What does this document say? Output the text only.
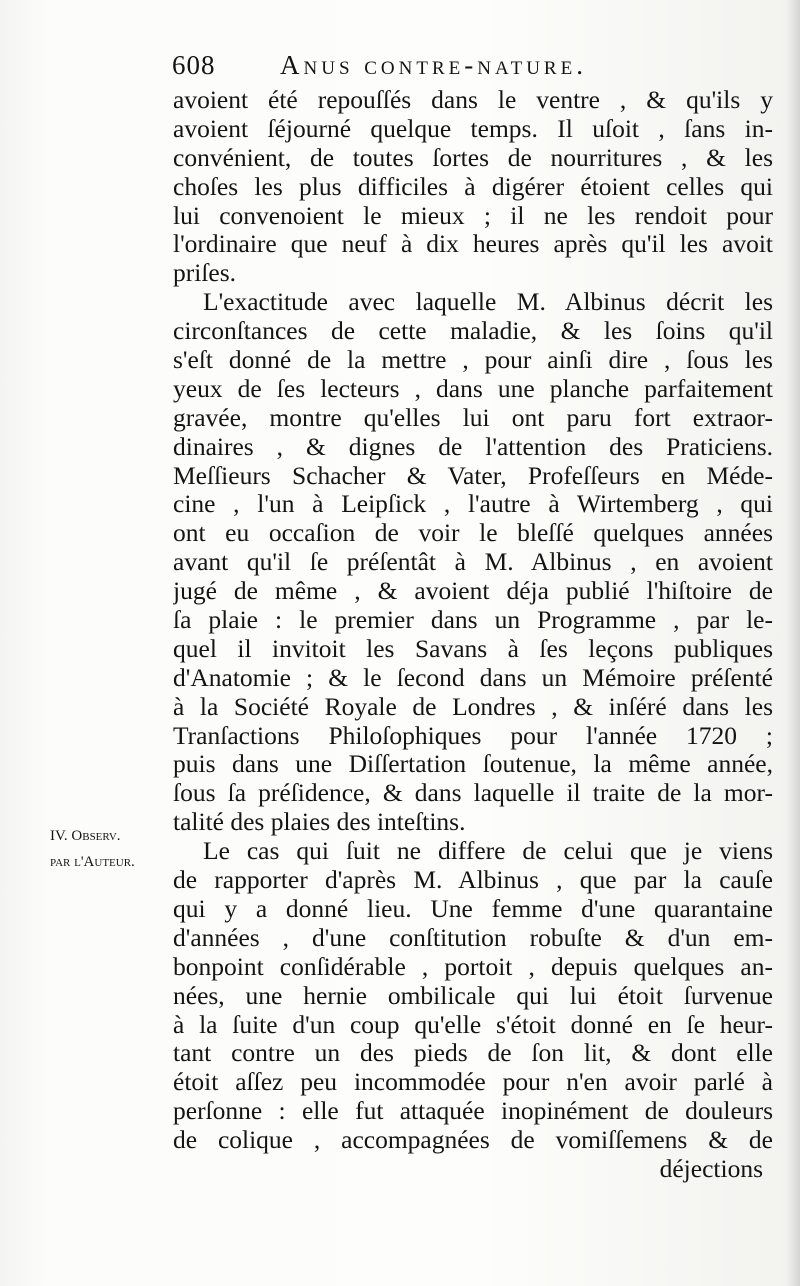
608 Anus contre-nature.
IV. Observ.
par l'Auteur.
avoient été repouſſés dans le ventre , & qu'ils y
avoient ſéjourné quelque temps. Il uſoit , ſans in-
convénient, de toutes ſortes de nourritures , & les
choſes les plus difficiles à digérer étoient celles qui
lui convenoient le mieux ; il ne les rendoit pour
l'ordinaire que neuf à dix heures après qu'il les avoit
priſes.
L'exactitude avec laquelle M. Albinus décrit les
circonſtances de cette maladie, & les ſoins qu'il
s'eſt donné de la mettre , pour ainſi dire , ſous les
yeux de ſes lecteurs , dans une planche parfaitement
gravée, montre qu'elles lui ont paru fort extraor-
dinaires , & dignes de l'attention des Praticiens.
Meſſieurs Schacher & Vater, Profeſſeurs en Méde-
cine , l'un à Leipſick , l'autre à Wirtemberg , qui
ont eu occaſion de voir le bleſſé quelques années
avant qu'il ſe préſentât à M. Albinus , en avoient
jugé de même , & avoient déja publié l'hiſtoire de
ſa plaie : le premier dans un Programme , par le-
quel il invitoit les Savans à ſes leçons publiques
d'Anatomie ; & le ſecond dans un Mémoire préſenté
à la Société Royale de Londres , & inſéré dans les
Tranſactions Philoſophiques pour l'année 1720 ;
puis dans une Diſſertation ſoutenue, la même année,
ſous ſa préſidence, & dans laquelle il traite de la mor-
talité des plaies des inteſtins.
Le cas qui ſuit ne differe de celui que je viens
de rapporter d'après M. Albinus , que par la cauſe
qui y a donné lieu. Une femme d'une quarantaine
d'années , d'une conſtitution robuſte & d'un em-
bonpoint conſidérable , portoit , depuis quelques an-
nées, une hernie ombilicale qui lui étoit ſurvenue
à la ſuite d'un coup qu'elle s'étoit donné en ſe heur-
tant contre un des pieds de ſon lit, & dont elle
étoit aſſez peu incommodée pour n'en avoir parlé à
perſonne : elle fut attaquée inopinément de douleurs
de colique , accompagnées de vomiſſemens & de
déjections
